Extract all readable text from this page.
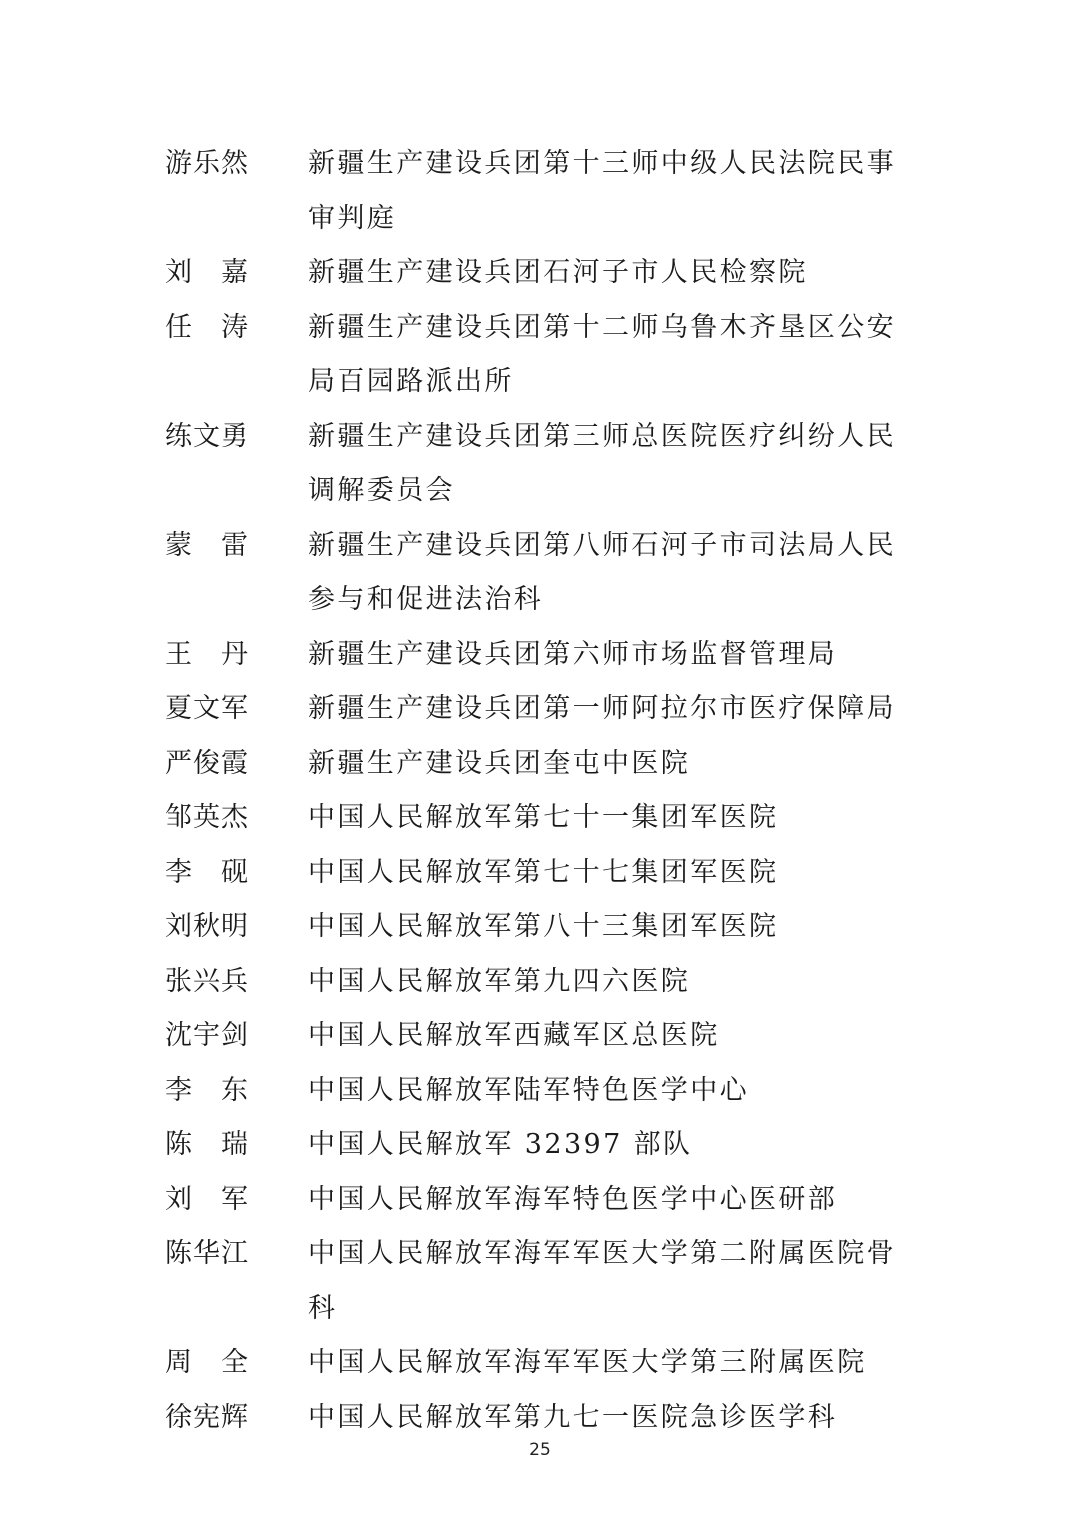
游乐然 新疆生产建设兵团第十三师中级人民法院民事审判庭
刘　嘉 新疆生产建设兵团石河子市人民检察院
任　涛 新疆生产建设兵团第十二师乌鲁木齐垦区公安局百园路派出所
练文勇 新疆生产建设兵团第三师总医院医疗纠纷人民调解委员会
蒙　雷 新疆生产建设兵团第八师石河子市司法局人民参与和促进法治科
王　丹 新疆生产建设兵团第六师市场监督管理局
夏文军 新疆生产建设兵团第一师阿拉尔市医疗保障局
严俊霞 新疆生产建设兵团奎屯中医院
邹英杰 中国人民解放军第七十一集团军医院
李　砚 中国人民解放军第七十七集团军医院
刘秋明 中国人民解放军第八十三集团军医院
张兴兵 中国人民解放军第九四六医院
沈宇剑 中国人民解放军西藏军区总医院
李　东 中国人民解放军陆军特色医学中心
陈　瑞 中国人民解放军 32397 部队
刘　军 中国人民解放军海军特色医学中心医研部
陈华江 中国人民解放军海军军医大学第二附属医院骨科
周　全 中国人民解放军海军军医大学第三附属医院
徐宪辉 中国人民解放军第九七一医院急诊医学科
25
